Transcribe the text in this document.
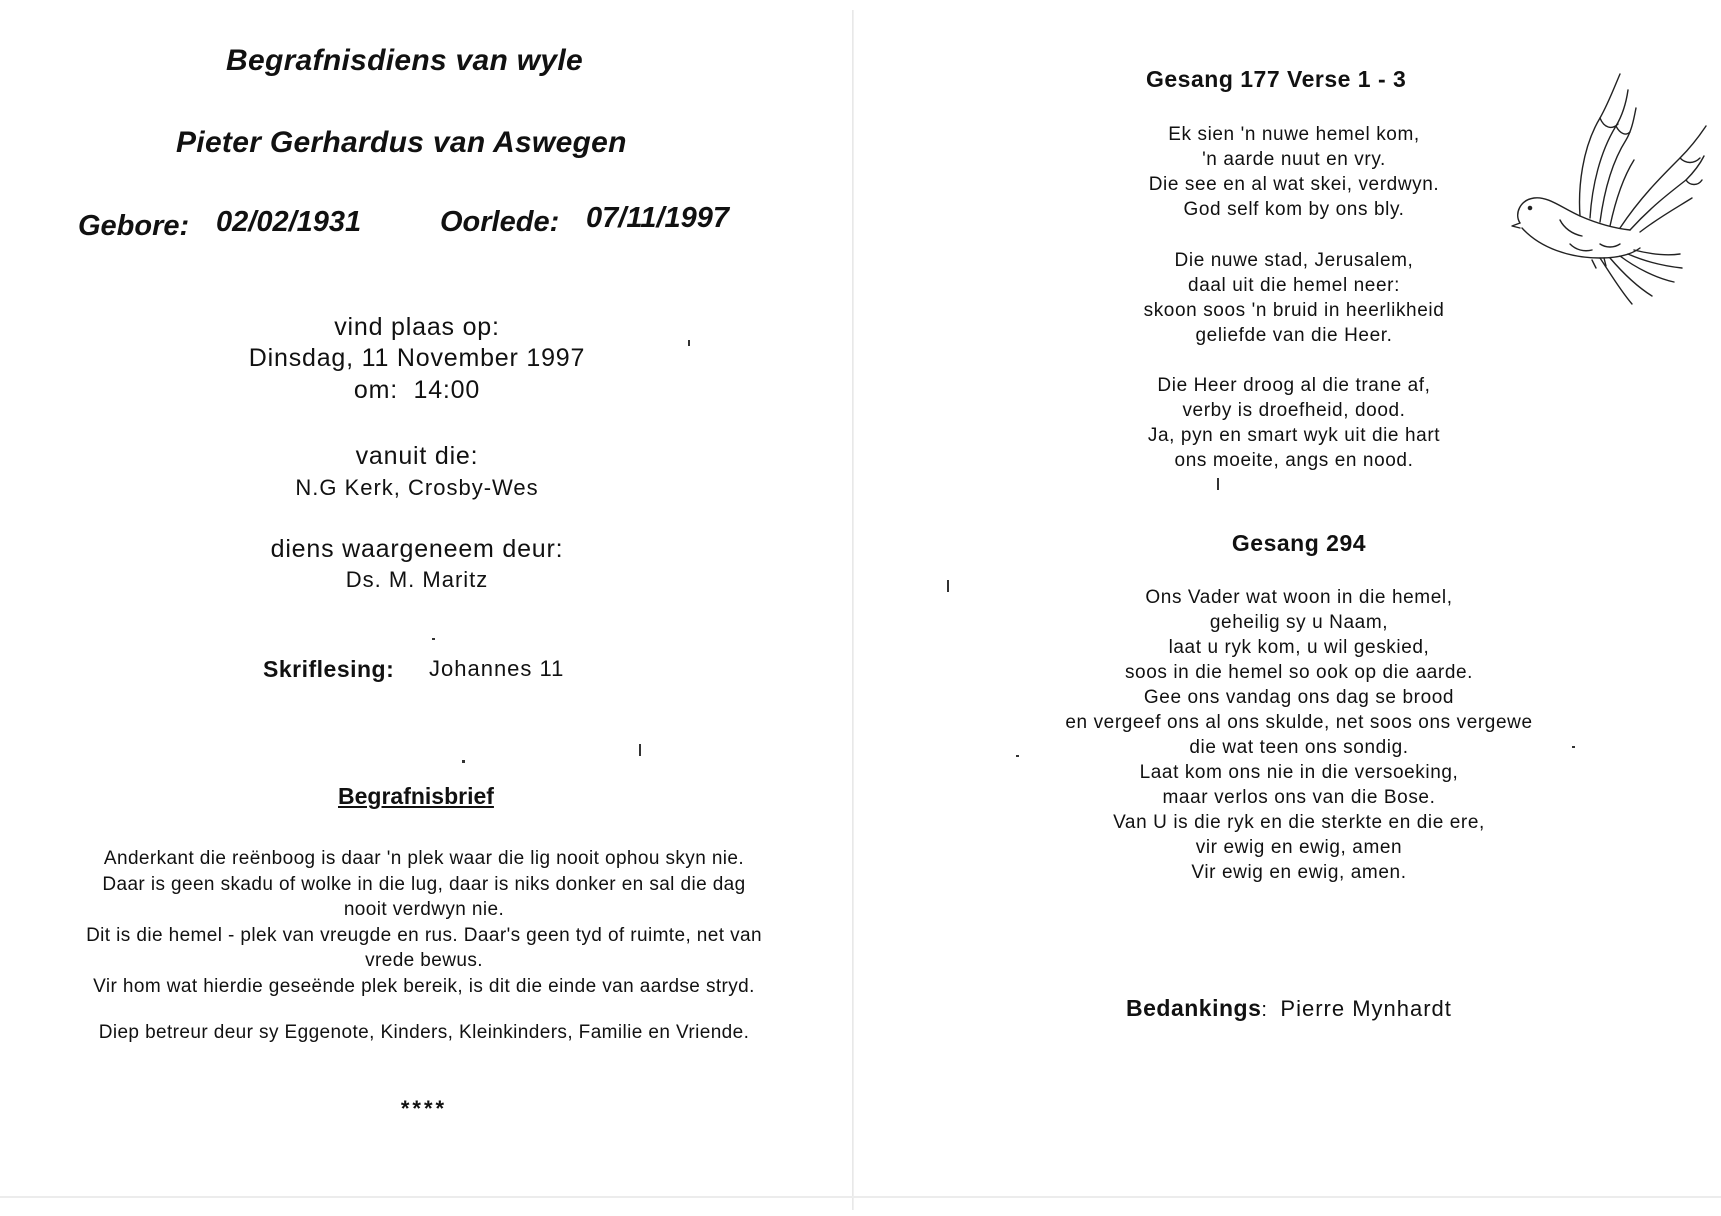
Begrafnisdiens van wyle
Pieter Gerhardus van Aswegen
Gebore: 02/02/1931	Oorlede: 07/11/1997
vind plaas op:
Dinsdag, 11 November 1997
om: 14:00
vanuit die:
N.G Kerk, Crosby-Wes
diens waargeneem deur:
Ds. M. Maritz
Skriflesing: Johannes 11
Begrafnisbrief
Anderkant die reënboog is daar 'n plek waar die lig nooit ophou skyn nie.
Daar is geen skadu of wolke in die lug, daar is niks donker en sal die dag
nooit verdwyn nie.
Dit is die hemel - plek van vreugde en rus. Daar's geen tyd of ruimte, net van
vrede bewus.
Vir hom wat hierdie geseënde plek bereik, is dit die einde van aardse stryd.
Diep betreur deur sy Eggenote, Kinders, Kleinkinders, Familie en Vriende.
****
Gesang 177 Verse 1 - 3
Ek sien 'n nuwe hemel kom,
'n aarde nuut en vry.
Die see en al wat skei, verdwyn.
God self kom by ons bly.
Die nuwe stad, Jerusalem,
daal uit die hemel neer:
skoon soos 'n bruid in heerlikheid
geliefde van die Heer.
Die Heer droog al die trane af,
verby is droefheid, dood.
Ja, pyn en smart wyk uit die hart
ons moeite, angs en nood.
Gesang 294
Ons Vader wat woon in die hemel,
geheilig sy u Naam,
laat u ryk kom, u wil geskied,
soos in die hemel so ook op die aarde.
Gee ons vandag ons dag se brood
en vergeef ons al ons skulde, net soos ons vergewe
die wat teen ons sondig.
Laat kom ons nie in die versoeking,
maar verlos ons van die Bose.
Van U is die ryk en die sterkte en die ere,
vir ewig en ewig, amen
Vir ewig en ewig, amen.
Bedankings:  Pierre Mynhardt
